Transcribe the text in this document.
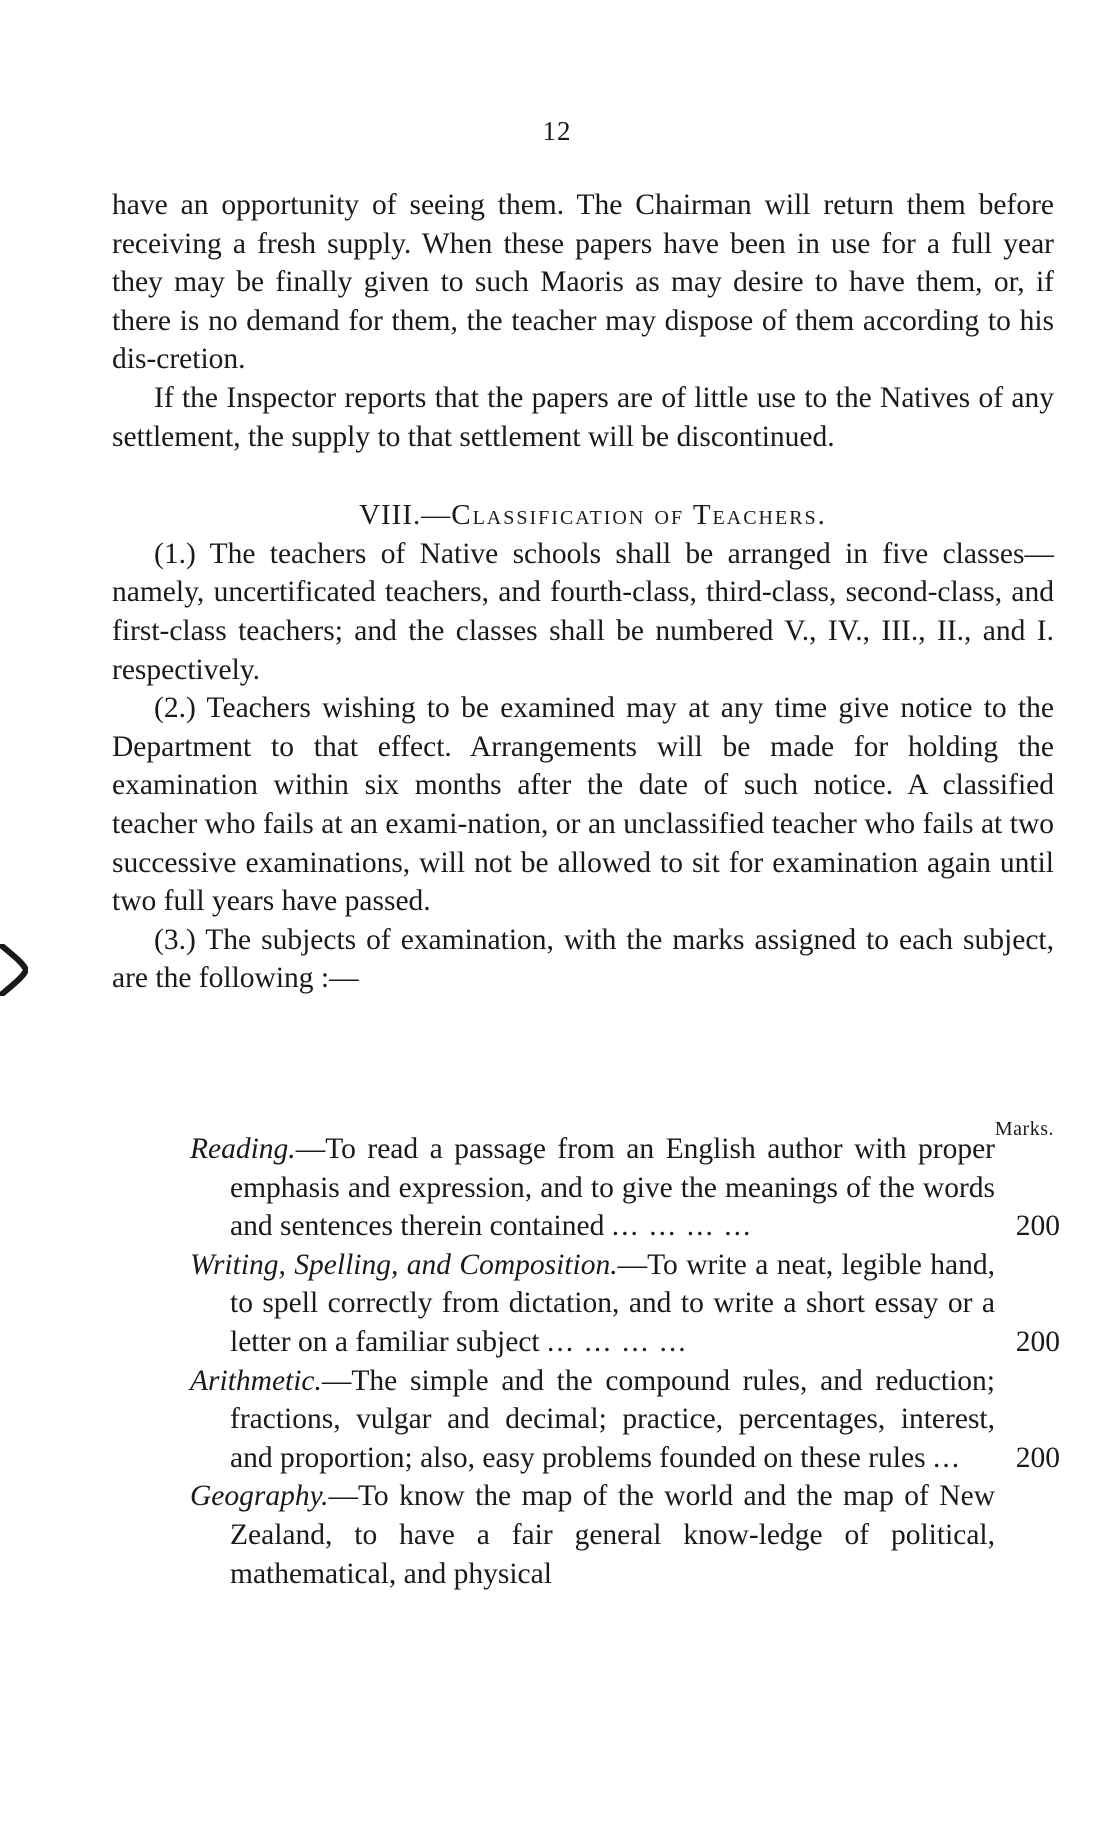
12

have an opportunity of seeing them. The Chairman will return them before receiving a fresh supply. When these papers have been in use for a full year they may be finally given to such Maoris as may desire to have them, or, if there is no demand for them, the teacher may dispose of them according to his dis-cretion.

If the Inspector reports that the papers are of little use to the Natives of any settlement, the supply to that settlement will be discontinued.

VIII.—Classification of Teachers.

(1.) The teachers of Native schools shall be arranged in five classes—namely, uncertificated teachers, and fourth-class, third-class, second-class, and first-class teachers; and the classes shall be numbered V., IV., III., II., and I. respectively.

(2.) Teachers wishing to be examined may at any time give notice to the Department to that effect. Arrangements will be made for holding the examination within six months after the date of such notice. A classified teacher who fails at an exami-nation, or an unclassified teacher who fails at two successive examinations, will not be allowed to sit for examination again until two full years have passed.

(3.) The subjects of examination, with the marks assigned to each subject, are the following :—

Marks.
Reading.—To read a passage from an English author with proper emphasis and expression, and to give the meanings of the words and sentences therein contained ... ... ... ...	200
Writing, Spelling, and Composition.—To write a neat, legible hand, to spell correctly from dictation, and to write a short essay or a letter on a familiar subject ... ... ... ...	200
Arithmetic.—The simple and the compound rules, and reduction; fractions, vulgar and decimal; practice, percentages, interest, and proportion; also, easy problems founded on these rules ...	200
Geography.—To know the map of the world and the map of New Zealand, to have a fair general know-ledge of political, mathematical, and physical
